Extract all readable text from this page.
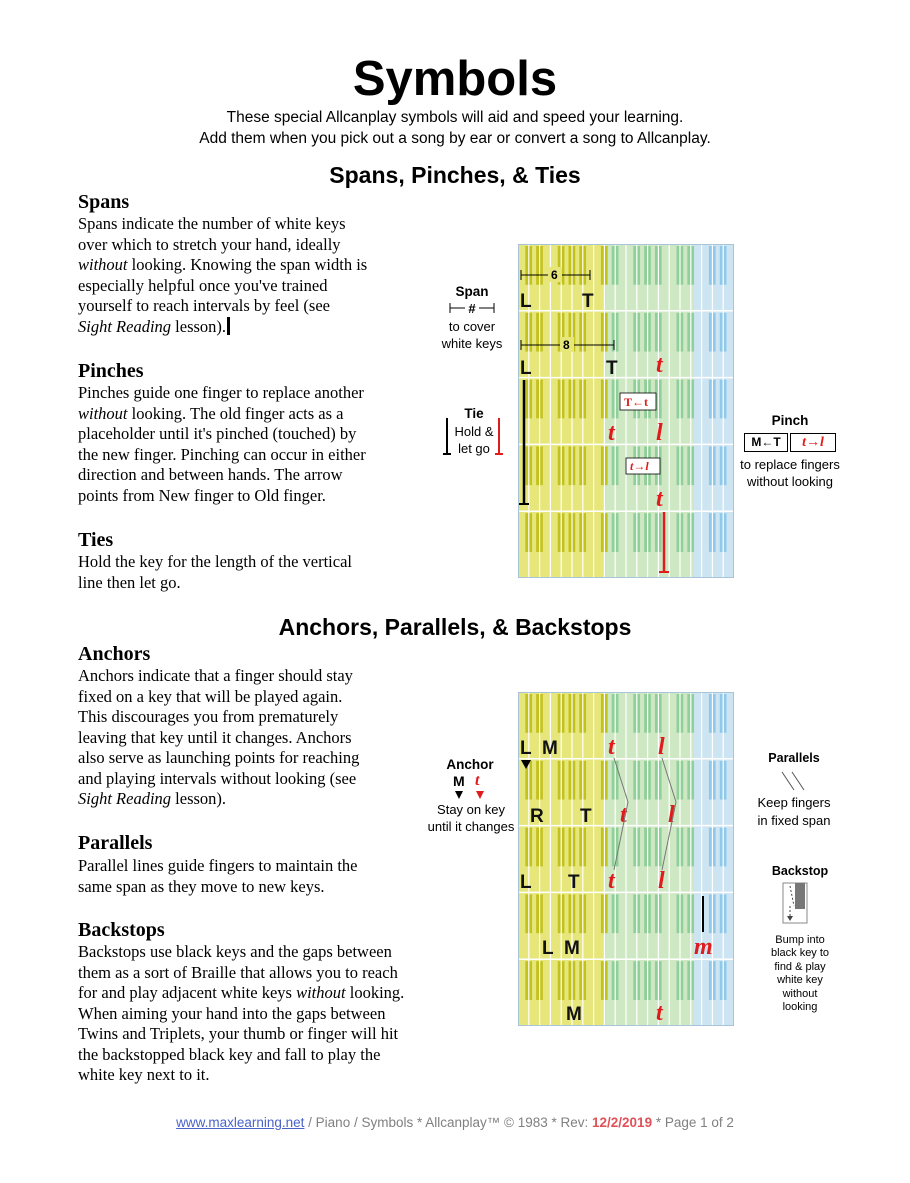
Symbols
These special Allcanplay symbols will aid and speed your learning.
Add them when you pick out a song by ear or convert a song to Allcanplay.
Spans, Pinches, & Ties
Spans
Spans indicate the number of white keys
over which to stretch your hand, ideally
without looking. Knowing the span width is
especially helpful once you've trained
yourself to reach intervals by feel (see
Sight Reading lesson).
Pinches
Pinches guide one finger to replace another
without looking. The old finger acts as a
placeholder until it's pinched (touched) by
the new finger. Pinching can occur in either
direction and between hands. The arrow
points from New finger to Old finger.
Ties
Hold the key for the length of the vertical
line then let go.
Span
#
to cover
white keys
Tie
Hold &
let go
Pinch
M←T	t→l
to replace fingers
without looking
6
L	T
8
L	T t
T←t
t l
t→l
t
Anchors, Parallels, & Backstops
Anchors
Anchors indicate that a finger should stay
fixed on a key that will be played again.
This discourages you from prematurely
leaving that key until it changes. Anchors
also serve as launching points for reaching
and playing intervals without looking (see
Sight Reading lesson).
Parallels
Parallel lines guide fingers to maintain the
same span as they move to new keys.
Backstops
Backstops use black keys and the gaps between
them as a sort of Braille that allows you to reach
for and play adjacent white keys without looking.
When aiming your hand into the gaps between
Twins and Triplets, your thumb or finger will hit
the backstopped black key and fall to play the
white key next to it.
Anchor
M t
Stay on key
until it changes
Parallels
Keep fingers
in fixed span
Backstop
Bump into
black key to
find & play
white key
without
looking
L M t l
R T t l
L T t l
L M	m
M	t
www.maxlearning.net / Piano / Symbols * Allcanplay™ © 1983 * Rev: 12/2/2019 * Page 1 of 2
